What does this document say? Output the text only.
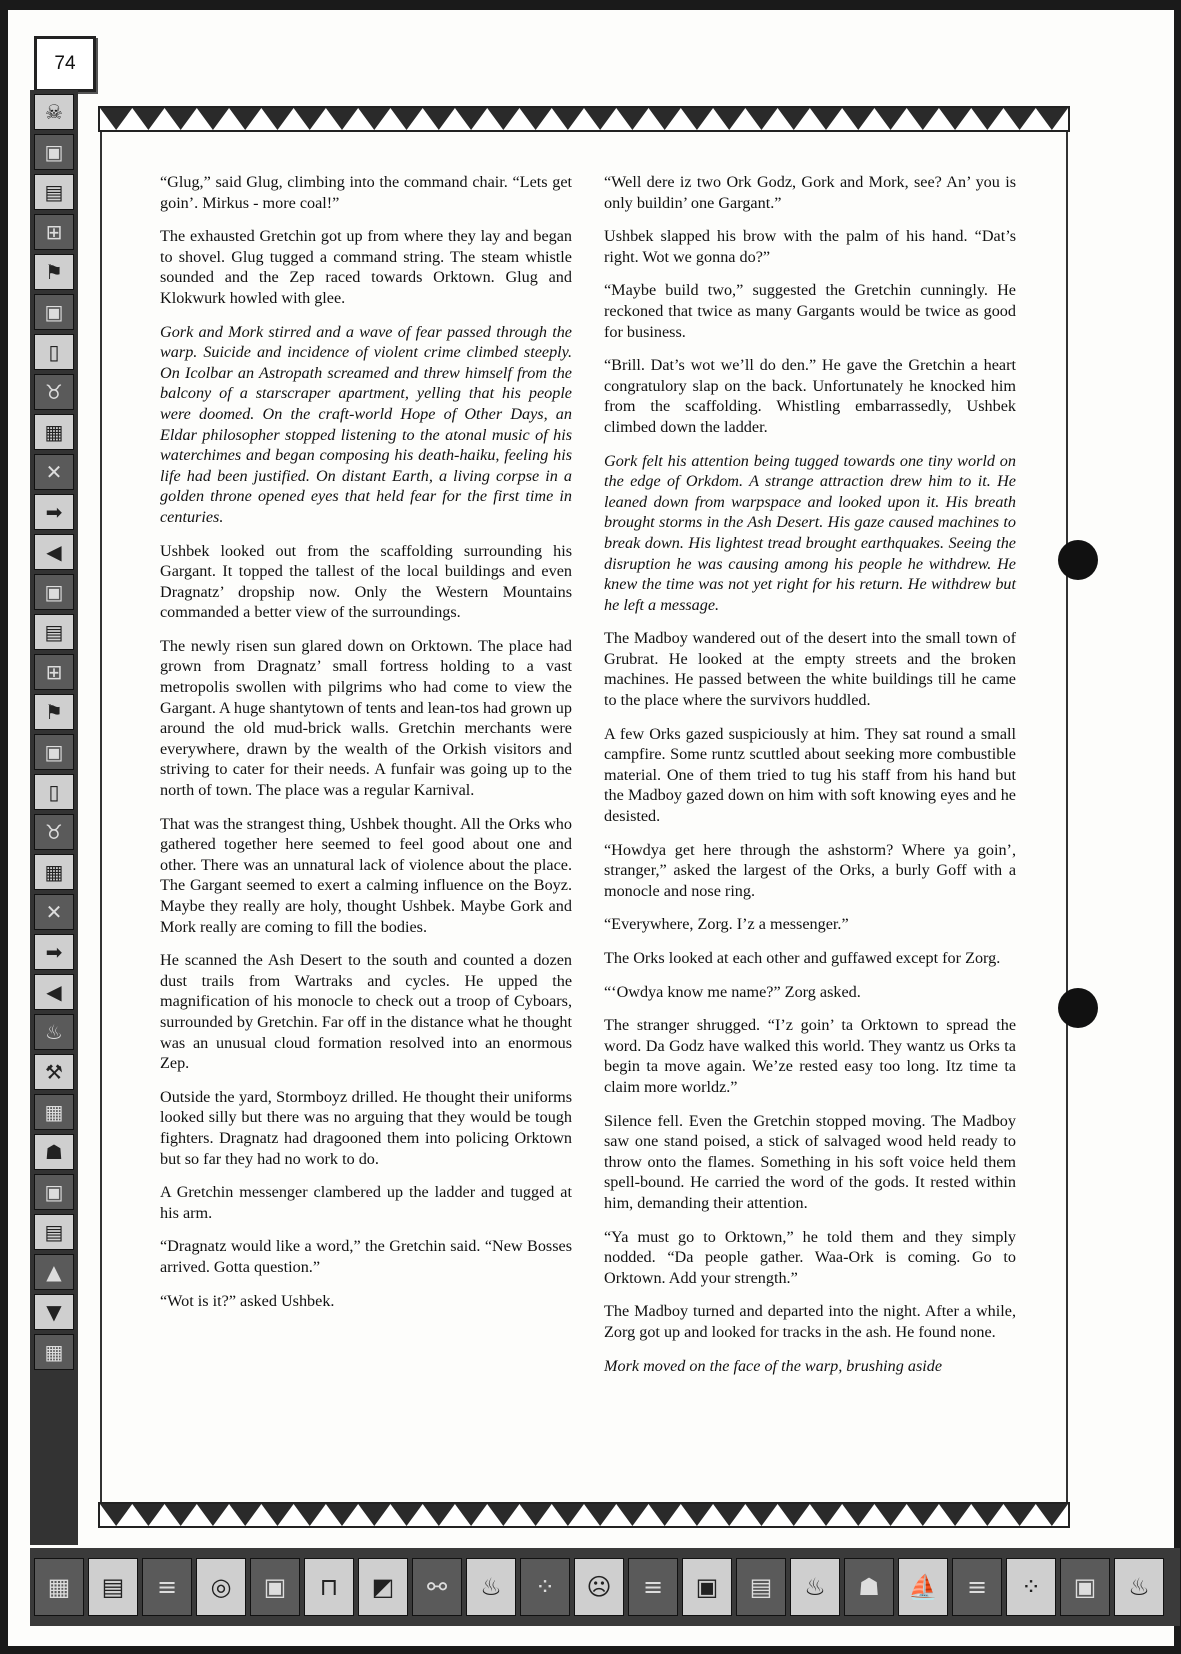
74
☠
▣
▤
⊞
⚑
▣
▯
♉
▦
✕
➡
◀
▣
▤
⊞
⚑
▣
▯
♉
▦
✕
➡
◀
♨
⚒
▦
☗
▣
▤
▲
▼
▦
▦	▤	≡	◎	▣	⊓	◩	⚯	♨	⁘	☹	≡	▣	▤	♨	☗	⛵	≡	⁘	▣	♨

“Glug,” said Glug, climbing into the command chair. “Lets get goin’. Mirkus - more coal!”

The exhausted Gretchin got up from where they lay and began to shovel. Glug tugged a command string. The steam whistle sounded and the Zep raced towards Orktown. Glug and Klokwurk howled with glee.

Gork and Mork stirred and a wave of fear passed through the warp. Suicide and incidence of violent crime climbed steeply. On Icolbar an Astropath screamed and threw himself from the balcony of a starscraper apartment, yelling that his people were doomed. On the craft-world Hope of Other Days, an Eldar philosopher stopped listening to the atonal music of his waterchimes and began composing his death-haiku, feeling his life had been justified. On distant Earth, a living corpse in a golden throne opened eyes that held fear for the first time in centuries.

Ushbek looked out from the scaffolding surrounding his Gargant. It topped the tallest of the local buildings and even Dragnatz’ dropship now. Only the Western Mountains commanded a better view of the surroundings.

The newly risen sun glared down on Orktown. The place had grown from Dragnatz’ small fortress holding to a vast metropolis swollen with pilgrims who had come to view the Gargant. A huge shantytown of tents and lean-tos had grown up around the old mud-brick walls. Gretchin merchants were everywhere, drawn by the wealth of the Orkish visitors and striving to cater for their needs. A funfair was going up to the north of town. The place was a regular Karnival.

That was the strangest thing, Ushbek thought. All the Orks who gathered together here seemed to feel good about one and other. There was an unnatural lack of violence about the place. The Gargant seemed to exert a calming influence on the Boyz. Maybe they really are holy, thought Ushbek. Maybe Gork and Mork really are coming to fill the bodies.

He scanned the Ash Desert to the south and counted a dozen dust trails from Wartraks and cycles. He upped the magnification of his monocle to check out a troop of Cyboars, surrounded by Gretchin. Far off in the distance what he thought was an unusual cloud formation resolved into an enormous Zep.

Outside the yard, Stormboyz drilled. He thought their uniforms looked silly but there was no arguing that they would be tough fighters. Dragnatz had dragooned them into policing Orktown but so far they had no work to do.

A Gretchin messenger clambered up the ladder and tugged at his arm.

“Dragnatz would like a word,” the Gretchin said. “New Bosses arrived. Gotta question.”

“Wot is it?” asked Ushbek.

“Well dere iz two Ork Godz, Gork and Mork, see? An’ you is only buildin’ one Gargant.”

Ushbek slapped his brow with the palm of his hand. “Dat’s right. Wot we gonna do?”

“Maybe build two,” suggested the Gretchin cunningly. He reckoned that twice as many Gargants would be twice as good for business.

“Brill. Dat’s wot we’ll do den.” He gave the Gretchin a heart congratulory slap on the back. Unfortunately he knocked him from the scaffolding. Whistling embarrassedly, Ushbek climbed down the ladder.

Gork felt his attention being tugged towards one tiny world on the edge of Orkdom. A strange attraction drew him to it. He leaned down from warpspace and looked upon it. His breath brought storms in the Ash Desert. His gaze caused machines to break down. His lightest tread brought earthquakes. Seeing the disruption he was causing among his people he withdrew. He knew the time was not yet right for his return. He withdrew but he left a message.

The Madboy wandered out of the desert into the small town of Grubrat. He looked at the empty streets and the broken machines. He passed between the white buildings till he came to the place where the survivors huddled.

A few Orks gazed suspiciously at him. They sat round a small campfire. Some runtz scuttled about seeking more combustible material. One of them tried to tug his staff from his hand but the Madboy gazed down on him with soft knowing eyes and he desisted.

“Howdya get here through the ashstorm? Where ya goin’, stranger,” asked the largest of the Orks, a burly Goff with a monocle and nose ring.

“Everywhere, Zorg. I’z a messenger.”

The Orks looked at each other and guffawed except for Zorg.

“‘Owdya know me name?” Zorg asked.

The stranger shrugged. “I’z goin’ ta Orktown to spread the word. Da Godz have walked this world. They wantz us Orks ta begin ta move again. We’ze rested easy too long. Itz time ta claim more worldz.”

Silence fell. Even the Gretchin stopped moving. The Madboy saw one stand poised, a stick of salvaged wood held ready to throw onto the flames. Something in his soft voice held them spell-bound. He carried the word of the gods. It rested within him, demanding their attention.

“Ya must go to Orktown,” he told them and they simply nodded. “Da people gather. Waa-Ork is coming. Go to Orktown. Add your strength.”

The Madboy turned and departed into the night. After a while, Zorg got up and looked for tracks in the ash. He found none.

Mork moved on the face of the warp, brushing aside
